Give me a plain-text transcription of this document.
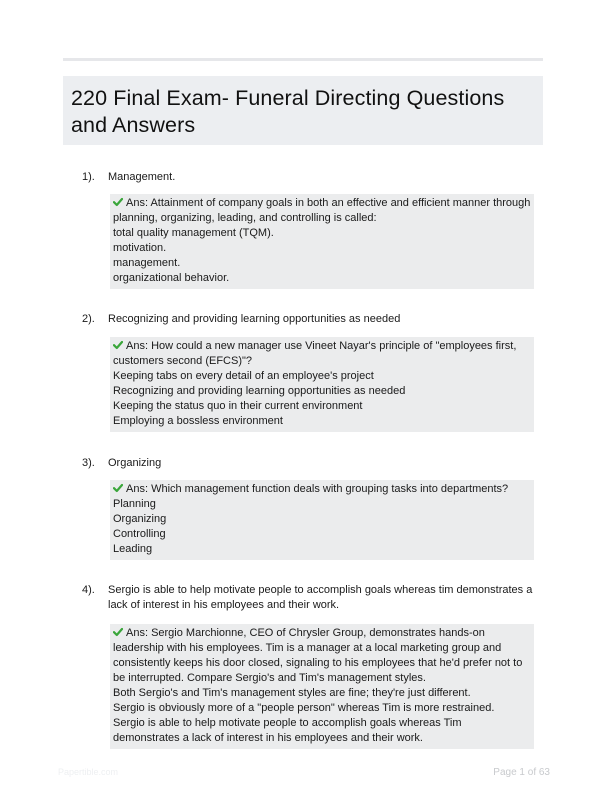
220 Final Exam- Funeral Directing Questions and Answers
1). Management.
Ans: Attainment of company goals in both an effective and efficient manner through planning, organizing, leading, and controlling is called:
total quality management (TQM).
motivation.
management.
organizational behavior.
2). Recognizing and providing learning opportunities as needed
Ans: How could a new manager use Vineet Nayar's principle of "employees first, customers second (EFCS)"?
Keeping tabs on every detail of an employee's project
Recognizing and providing learning opportunities as needed
Keeping the status quo in their current environment
Employing a bossless environment
3). Organizing
Ans: Which management function deals with grouping tasks into departments?
Planning
Organizing
Controlling
Leading
4). Sergio is able to help motivate people to accomplish goals whereas tim demonstrates a lack of interest in his employees and their work.
Ans: Sergio Marchionne, CEO of Chrysler Group, demonstrates hands-on leadership with his employees. Tim is a manager at a local marketing group and consistently keeps his door closed, signaling to his employees that he'd prefer not to be interrupted. Compare Sergio's and Tim's management styles.
Both Sergio's and Tim's management styles are fine; they're just different.
Sergio is obviously more of a "people person" whereas Tim is more restrained.
Sergio is able to help motivate people to accomplish goals whereas Tim demonstrates a lack of interest in his employees and their work.
Papertible.com	Page 1 of 63
